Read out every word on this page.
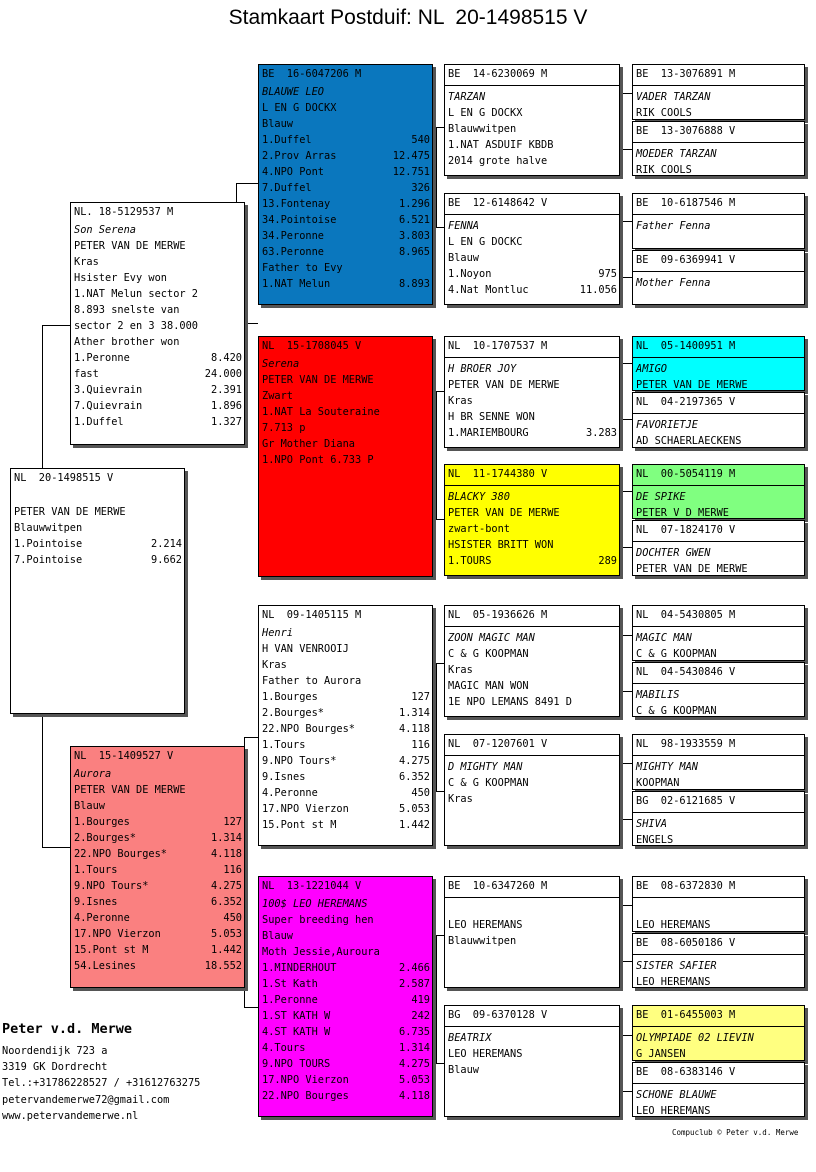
Stamkaart Postduif: NL  20-1498515 V
NL  20-1498515 V
PETER VAN DE MERWE
Blauwwitpen
1.Pointoise	2.214
7.Pointoise	9.662
NL. 18-5129537 M
Son Serena
PETER VAN DE MERWE
Kras
Hsister Evy won
1.NAT Melun sector 2
8.893 snelste van
sector 2 en 3 38.000
Ather brother won
1.Peronne	8.420
fast	24.000
3.Quievrain	2.391
7.Quievrain	1.896
1.Duffel	1.327
NL  15-1409527 V
Aurora
PETER VAN DE MERWE
Blauw
1.Bourges	127
2.Bourges*	1.314
22.NPO Bourges*	4.118
1.Tours	116
9.NPO Tours*	4.275
9.Isnes	6.352
4.Peronne	450
17.NPO Vierzon	5.053
15.Pont st M	1.442
54.Lesines	18.552
BE  16-6047206 M
BLAUWE LEO
L EN G DOCKX
Blauw
1.Duffel	540
2.Prov Arras	12.475
4.NPO Pont	12.751
7.Duffel	326
13.Fontenay	1.296
34.Pointoise	6.521
34.Peronne	3.803
63.Peronne	8.965
Father to Evy
1.NAT Melun	8.893
NL  15-1708045 V
Serena
PETER VAN DE MERWE
Zwart
1.NAT La Souteraine
7.713 p
Gr Mother Diana
1.NPO Pont 6.733 P
NL  09-1405115 M
Henri
H VAN VENROOIJ
Kras
Father to Aurora
1.Bourges	127
2.Bourges*	1.314
22.NPO Bourges*	4.118
1.Tours	116
9.NPO Tours*	4.275
9.Isnes	6.352
4.Peronne	450
17.NPO Vierzon	5.053
15.Pont st M	1.442
NL  13-1221044 V
100$ LEO HEREMANS
Super breeding hen
Blauw
Moth Jessie,Auroura
1.MINDERHOUT	2.466
1.St Kath	2.587
1.Peronne	419
1.ST KATH W	242
4.ST KATH W	6.735
4.Tours	1.314
9.NPO TOURS	4.275
17.NPO Vierzon	5.053
22.NPO Bourges	4.118
BE  14-6230069 M
TARZAN
L EN G DOCKX
Blauwwitpen
1.NAT ASDUIF KBDB
2014 grote halve
BE  12-6148642 V
FENNA
L EN G DOCKC
Blauw
1.Noyon	975
4.Nat Montluc	11.056
NL  10-1707537 M
H BROER JOY
PETER VAN DE MERWE
Kras
H BR SENNE WON
1.MARIEMBOURG	3.283
NL  11-1744380 V
BLACKY 380
PETER VAN DE MERWE
zwart-bont
HSISTER BRITT WON
1.TOURS	289
NL  05-1936626 M
ZOON MAGIC MAN
C & G KOOPMAN
Kras
MAGIC MAN WON
1E NPO LEMANS 8491 D
NL  07-1207601 V
D MIGHTY MAN
C & G KOOPMAN
Kras
BE  10-6347260 M
LEO HEREMANS
Blauwwitpen
BG  09-6370128 V
BEATRIX
LEO HEREMANS
Blauw
BE  13-3076891 M
VADER TARZAN
RIK COOLS
BE  13-3076888 V
MOEDER TARZAN
RIK COOLS
BE  10-6187546 M
Father Fenna
BE  09-6369941 V
Mother Fenna
NL  05-1400951 M
AMIGO
PETER VAN DE MERWE
NL  04-2197365 V
FAVORIETJE
AD SCHAERLAECKENS
NL  00-5054119 M
DE SPIKE
PETER V D MERWE
NL  07-1824170 V
DOCHTER GWEN
PETER VAN DE MERWE
NL  04-5430805 M
MAGIC MAN
C & G KOOPMAN
NL  04-5430846 V
MABILIS
C & G KOOPMAN
NL  98-1933559 M
MIGHTY MAN
KOOPMAN
BG  02-6121685 V
SHIVA
ENGELS
BE  08-6372830 M
LEO HEREMANS
BE  08-6050186 V
SISTER SAFIER
LEO HEREMANS
BE  01-6455003 M
OLYMPIADE 02 LIEVIN
G JANSEN
BE  08-6383146 V
SCHONE BLAUWE
LEO HEREMANS
Peter v.d. Merwe
Noordendijk 723 a
3319 GK Dordrecht
Tel.:+31786228527 / +31612763275
petervandemerwe72@gmail.com
www.petervandemerwe.nl
Compuclub © Peter v.d. Merwe
